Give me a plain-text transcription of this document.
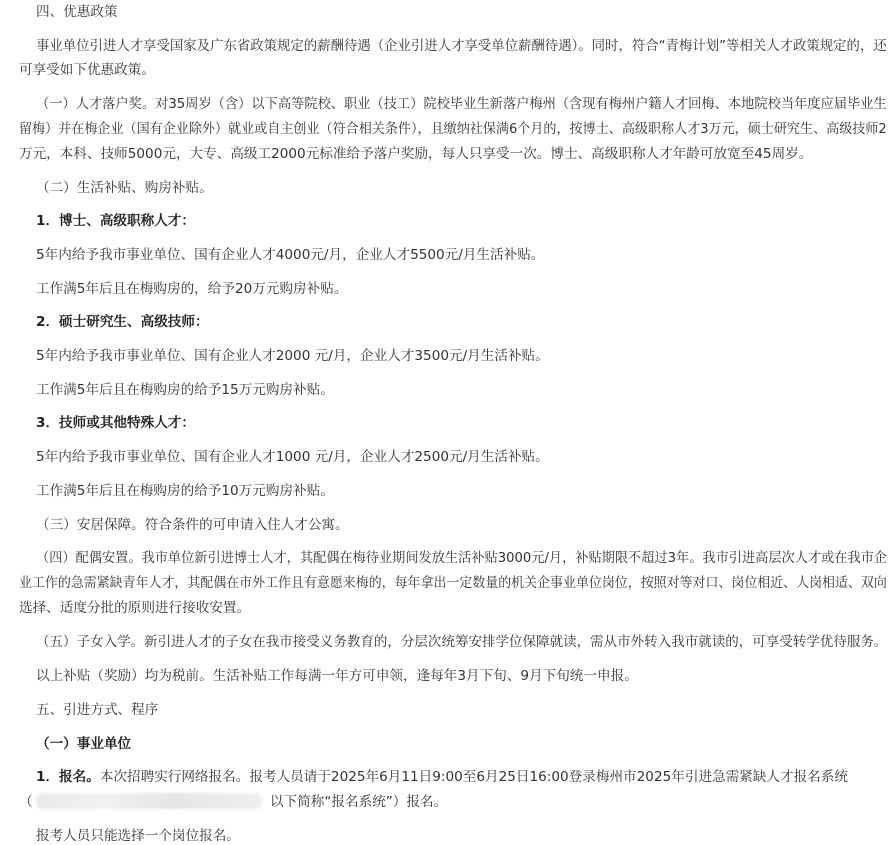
四、优惠政策
事业单位引进人才享受国家及广东省政策规定的薪酬待遇（企业引进人才享受单位薪酬待遇）。同时，符合“青梅计划”等相关人才政策规定的，还
可享受如下优惠政策。
（一）人才落户奖。对35周岁（含）以下高等院校、职业（技工）院校毕业生新落户梅州（含现有梅州户籍人才回梅、本地院校当年度应届毕业生
留梅）并在梅企业（国有企业除外）就业或自主创业（符合相关条件），且缴纳社保满6个月的，按博士、高级职称人才3万元，硕士研究生、高级技师2
万元，本科、技师5000元，大专、高级工2000元标准给予落户奖励，每人只享受一次。博士、高级职称人才年龄可放宽至45周岁。
（二）生活补贴、购房补贴。
1．博士、高级职称人才：
5年内给予我市事业单位、国有企业人才4000元/月，企业人才5500元/月生活补贴。
工作满5年后且在梅购房的，给予20万元购房补贴。
2．硕士研究生、高级技师：
5年内给予我市事业单位、国有企业人才2000 元/月，企业人才3500元/月生活补贴。
工作满5年后且在梅购房的给予15万元购房补贴。
3．技师或其他特殊人才：
5年内给予我市事业单位、国有企业人才1000 元/月，企业人才2500元/月生活补贴。
工作满5年后且在梅购房的给予10万元购房补贴。
（三）安居保障。符合条件的可申请入住人才公寓。
（四）配偶安置。我市单位新引进博士人才，其配偶在梅待业期间发放生活补贴3000元/月，补贴期限不超过3年。我市引进高层次人才或在我市企
业工作的急需紧缺青年人才，其配偶在市外工作且有意愿来梅的，每年拿出一定数量的机关企事业单位岗位，按照对等对口、岗位相近、人岗相适、双向
选择、适度分批的原则进行接收安置。
（五）子女入学。新引进人才的子女在我市接受义务教育的，分层次统筹安排学位保障就读，需从市外转入我市就读的，可享受转学优待服务。
以上补贴（奖励）均为税前。生活补贴工作每满一年方可申领，逢每年3月下旬、9月下旬统一申报。
五、引进方式、程序
（一）事业单位
1．报名。本次招聘实行网络报名。报考人员请于2025年6月11日9:00至6月25日16:00登录梅州市2025年引进急需紧缺人才报名系统
（	以下简称“报名系统”）报名。
报考人员只能选择一个岗位报名。
